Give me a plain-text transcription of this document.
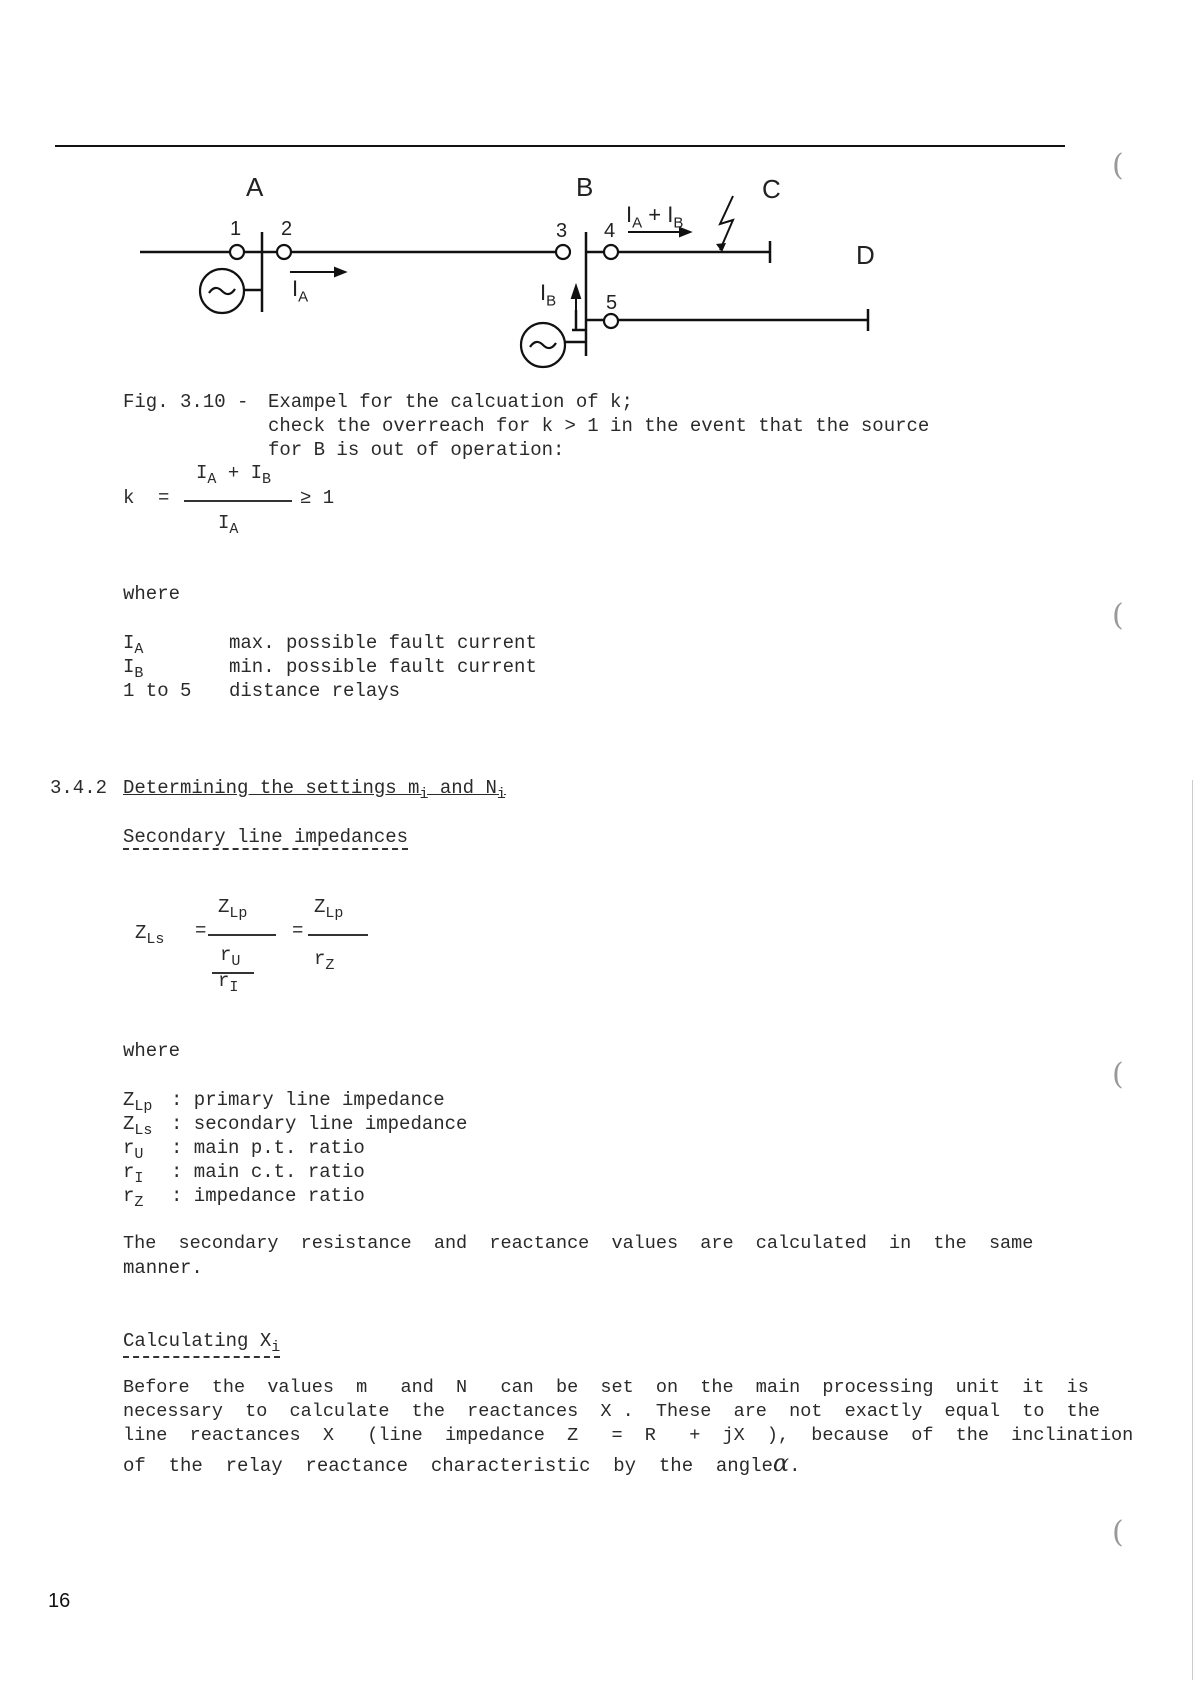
A	B	C
D
1 2	3 4
5
$I_A$	$I_B$
$I_A + I_B$
Fig. 3.10 - Exampel for the calcuation of k;
check the overreach for k > 1 in the event that the source
for B is out of operation:
k =
$I_A + I_B$
$I_A$
≥ 1
where
$I_A$	max. possible fault current
$I_B$	min. possible fault current
1 to 5 distance relays
3.4.2 Determining the settings $m_i$ and $N_i$
Secondary line impedances
$Z_{Ls}$ =
$Z_{Lp}$
$r_U$
$r_I$
=
$Z_{Lp}$
$r_Z$
where
$Z_{Lp}$ : primary line impedance
$Z_{Ls}$ : secondary line impedance
$r_U$ : main p.t. ratio
$r_I$ : main c.t. ratio
$r_Z$ : impedance ratio
The  secondary  resistance  and  reactance  values  are  calculated  in  the  same
manner.
Calculating $X_i$
Before  the  values  m   and  N   can  be  set  on  the  main  processing  unit  it  is
necessary  to  calculate  the  reactances  X .  These  are  not  exactly  equal  to  the
line  reactances  X   (line  impedance  Z   =  R   +  jX  ),  because  of  the  inclination
of  the  relay  reactance  characteristic  by  the  angleα.
16
(
(
(
(
